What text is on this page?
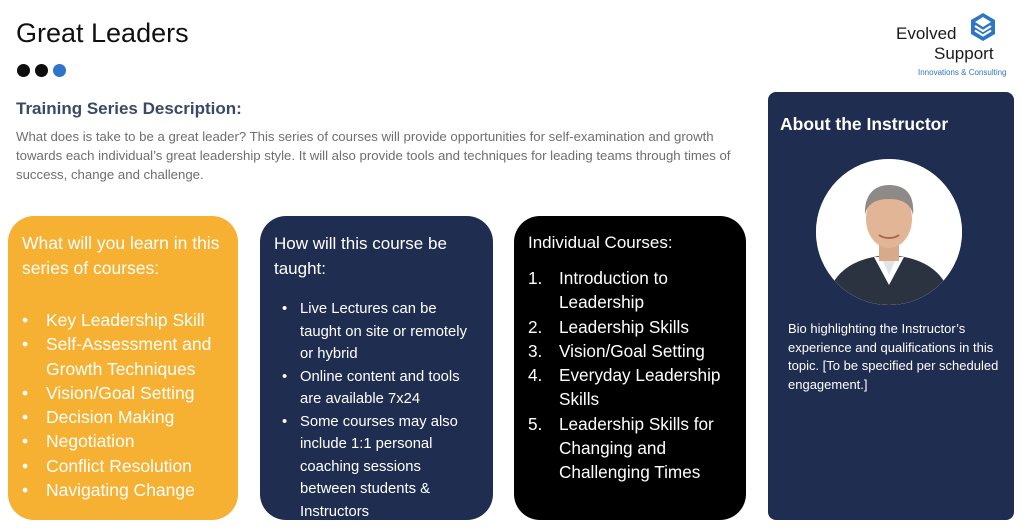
Great Leaders	Evolved
Support
Innovations & Consulting
Training Series Description:
What does is take to be a great leader? This series of courses will provide opportunities for self-examination and growth towards each individual’s great leadership style. It will also provide tools and techniques for leading teams through times of success, change and challenge.
What will you learn in this series of courses:
• Key Leadership Skill
• Self-Assessment and Growth Techniques
• Vision/Goal Setting
• Decision Making
• Negotiation
• Conflict Resolution
• Navigating Change
How will this course be taught:
• Live Lectures can be taught on site or remotely or hybrid
• Online content and tools are available 7x24
• Some courses may also include 1:1 personal coaching sessions between students & Instructors
Individual Courses:
1. Introduction to Leadership
2. Leadership Skills
3. Vision/Goal Setting
4. Everyday Leadership Skills
5. Leadership Skills for Changing and Challenging Times
About the Instructor
Bio highlighting the Instructor’s experience and qualifications in this topic. [To be specified per scheduled engagement.]
